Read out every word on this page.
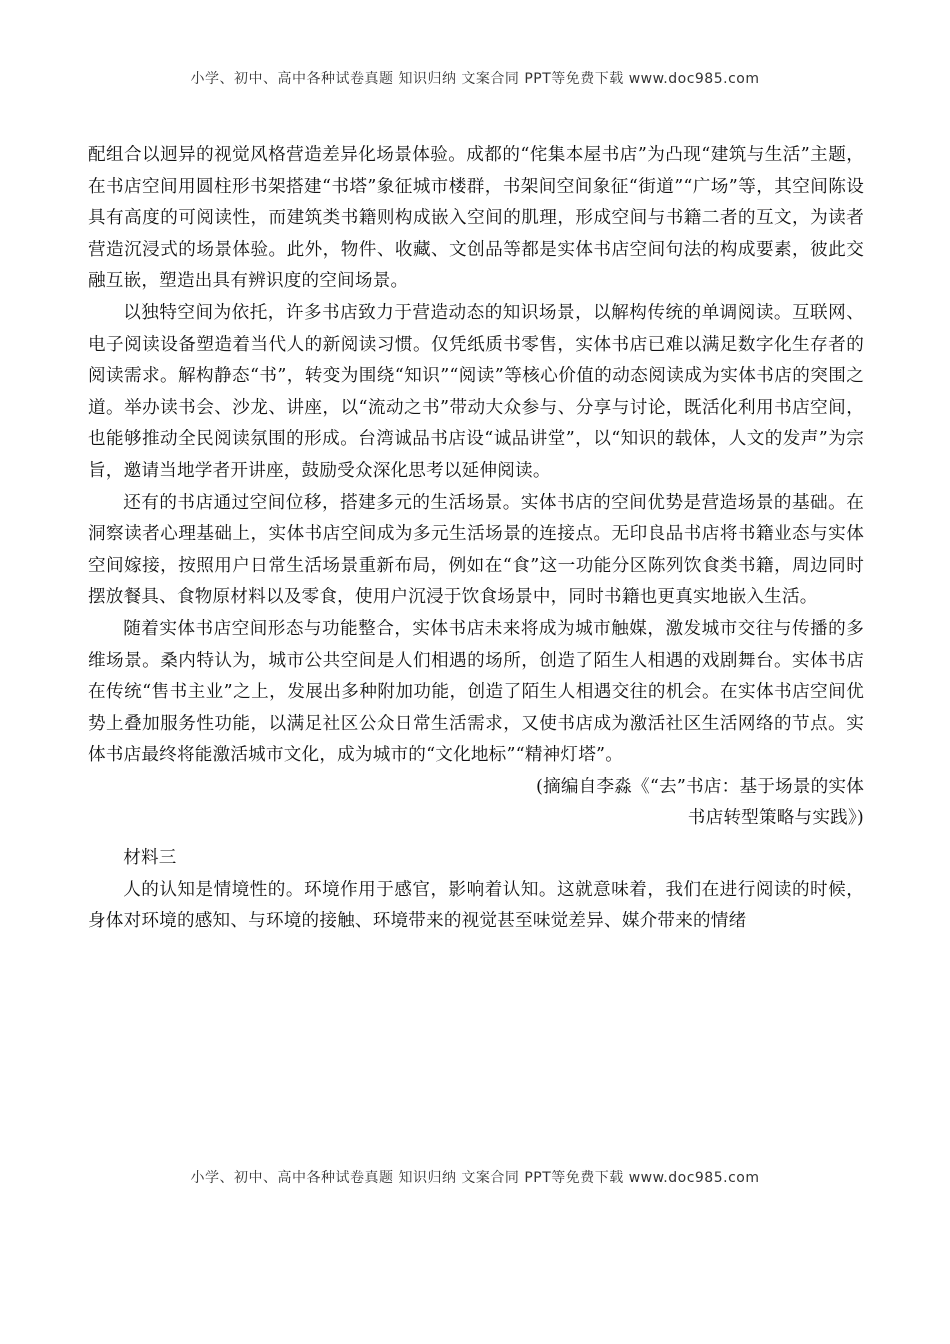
小学、初中、高中各种试卷真题 知识归纳 文案合同 PPT等免费下载 www.doc985.com

配组合以迥异的视觉风格营造差异化场景体验。成都的“侘集本屋书店”为凸现“建筑与生活”主题，在书店空间用圆柱形书架搭建“书塔”象征城市楼群，书架间空间象征“街道”“广场”等，其空间陈设具有高度的可阅读性，而建筑类书籍则构成嵌入空间的肌理，形成空间与书籍二者的互文，为读者营造沉浸式的场景体验。此外，物件、收藏、文创品等都是实体书店空间句法的构成要素，彼此交融互嵌，塑造出具有辨识度的空间场景。

以独特空间为依托，许多书店致力于营造动态的知识场景，以解构传统的单调阅读。互联网、电子阅读设备塑造着当代人的新阅读习惯。仅凭纸质书零售，实体书店已难以满足数字化生存者的阅读需求。解构静态“书”，转变为围绕“知识”“阅读”等核心价值的动态阅读成为实体书店的突围之道。举办读书会、沙龙、讲座，以“流动之书”带动大众参与、分享与讨论，既活化利用书店空间，也能够推动全民阅读氛围的形成。台湾诚品书店设“诚品讲堂”，以“知识的载体，人文的发声”为宗旨，邀请当地学者开讲座，鼓励受众深化思考以延伸阅读。

还有的书店通过空间位移，搭建多元的生活场景。实体书店的空间优势是营造场景的基础。在洞察读者心理基础上，实体书店空间成为多元生活场景的连接点。无印良品书店将书籍业态与实体空间嫁接，按照用户日常生活场景重新布局，例如在“食”这一功能分区陈列饮食类书籍，周边同时摆放餐具、食物原材料以及零食，使用户沉浸于饮食场景中，同时书籍也更真实地嵌入生活。

随着实体书店空间形态与功能整合，实体书店未来将成为城市触媒，激发城市交往与传播的多维场景。桑内特认为，城市公共空间是人们相遇的场所，创造了陌生人相遇的戏剧舞台。实体书店在传统“售书主业”之上，发展出多种附加功能，创造了陌生人相遇交往的机会。在实体书店空间优势上叠加服务性功能，以满足社区公众日常生活需求，又使书店成为激活社区生活网络的节点。实体书店最终将能激活城市文化，成为城市的“文化地标”“精神灯塔”。

(摘编自李淼《“去”书店：基于场景的实体

书店转型策略与实践》)

材料三

人的认知是情境性的。环境作用于感官，影响着认知。这就意味着，我们在进行阅读的时候，身体对环境的感知、与环境的接触、环境带来的视觉甚至味觉差异、媒介带来的情绪

小学、初中、高中各种试卷真题 知识归纳 文案合同 PPT等免费下载 www.doc985.com
